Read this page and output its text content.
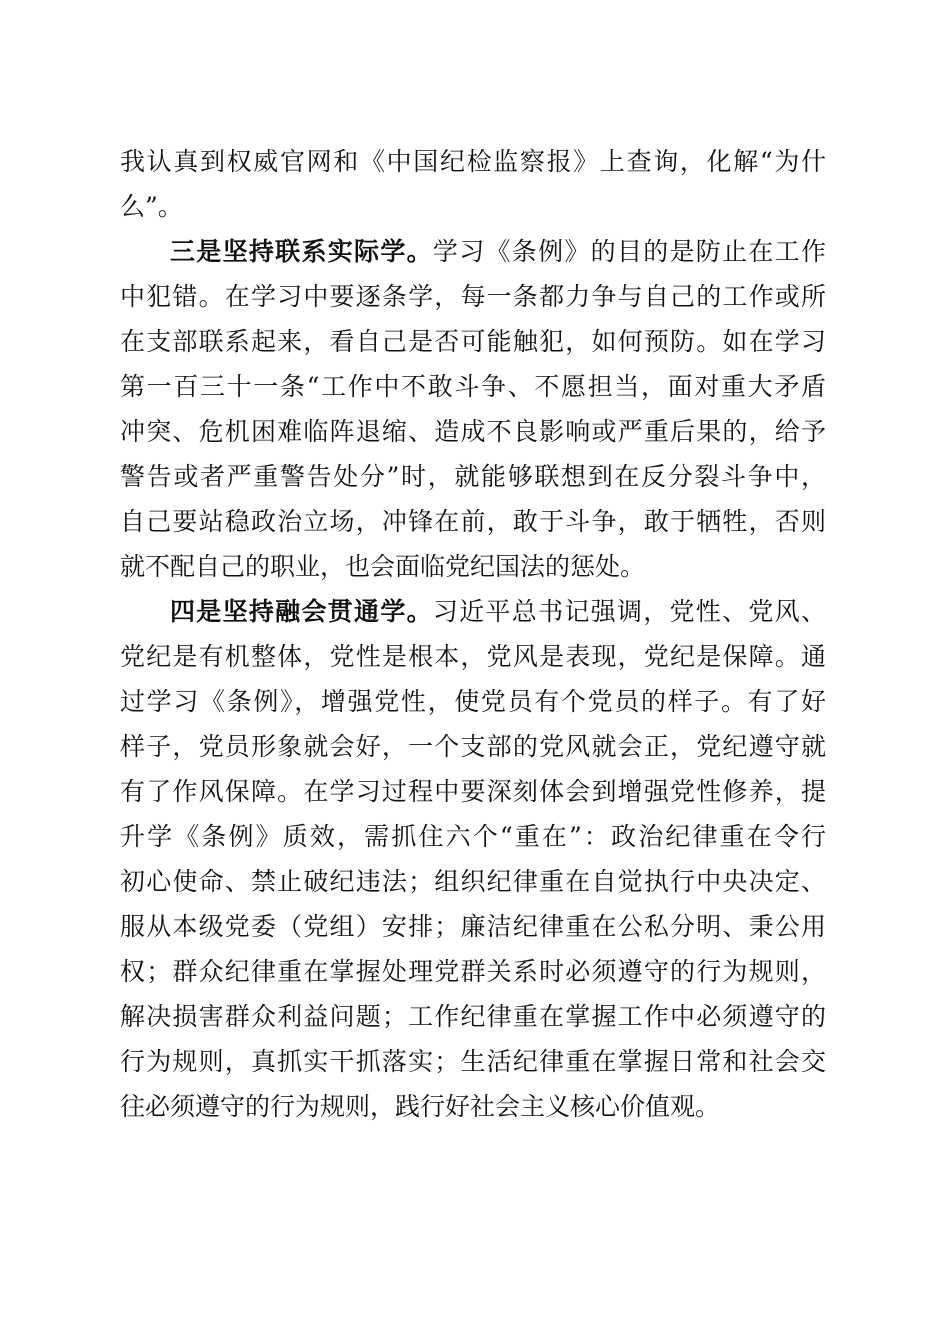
我认真到权威官网和《中国纪检监察报》上查询，化解“为什
么”。
三是坚持联系实际学。学习《条例》的目的是防止在工作
中犯错。在学习中要逐条学，每一条都力争与自己的工作或所
在支部联系起来，看自己是否可能触犯，如何预防。如在学习
第一百三十一条“工作中不敢斗争、不愿担当，面对重大矛盾
冲突、危机困难临阵退缩、造成不良影响或严重后果的，给予
警告或者严重警告处分”时，就能够联想到在反分裂斗争中，
自己要站稳政治立场，冲锋在前，敢于斗争，敢于牺牲，否则
就不配自己的职业，也会面临党纪国法的惩处。
四是坚持融会贯通学。习近平总书记强调，党性、党风、
党纪是有机整体，党性是根本，党风是表现，党纪是保障。通
过学习《条例》，增强党性，使党员有个党员的样子。有了好
样子，党员形象就会好，一个支部的党风就会正，党纪遵守就
有了作风保障。在学习过程中要深刻体会到增强党性修养，提
升学《条例》质效，需抓住六个“重在”：政治纪律重在令行
初心使命、禁止破纪违法；组织纪律重在自觉执行中央决定、
服从本级党委（党组）安排；廉洁纪律重在公私分明、秉公用
权；群众纪律重在掌握处理党群关系时必须遵守的行为规则，
解决损害群众利益问题；工作纪律重在掌握工作中必须遵守的
行为规则，真抓实干抓落实；生活纪律重在掌握日常和社会交
往必须遵守的行为规则，践行好社会主义核心价值观。
